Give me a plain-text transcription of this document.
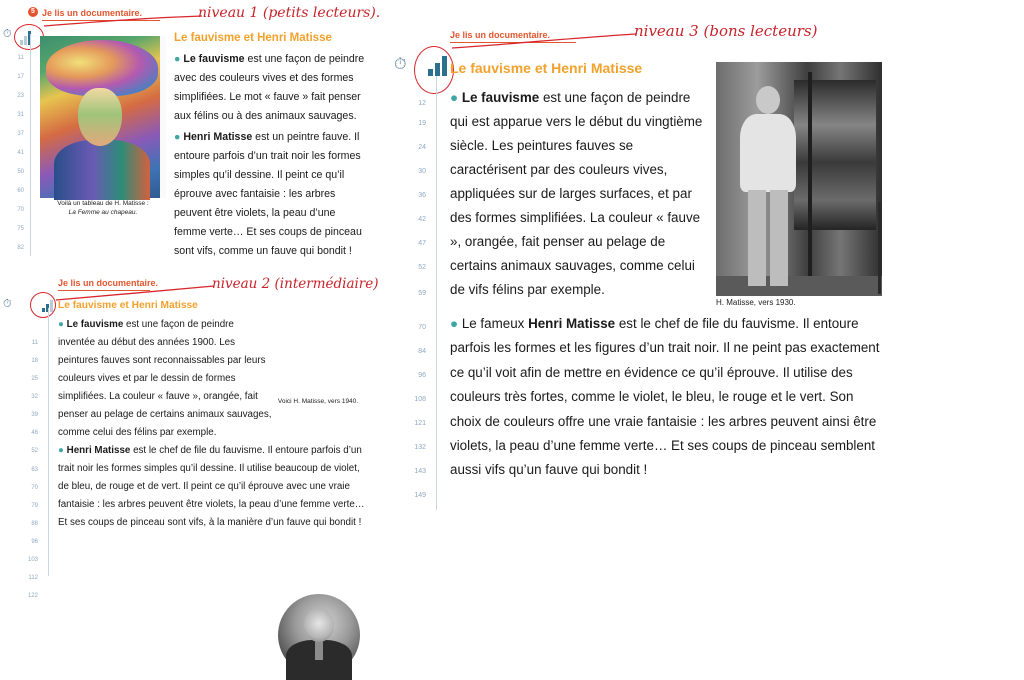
5 Je lis un documentaire.
⏱
niveau 1 (petits lecteurs).
Voilà un tableau de H. Matisse :
La Femme au chapeau.
11
17
23
31
37
41
50
60
70
75
82
Le fauvisme et Henri Matisse

● Le fauvisme est une façon de peindre avec des couleurs vives et des formes simplifiées. Le mot « fauve » fait penser aux félins ou à des animaux sauvages.

● Henri Matisse est un peintre fauve. Il entoure parfois d’un trait noir les formes simples qu’il dessine. Il peint ce qu’il éprouve avec fantaisie : les arbres peuvent être violets, la peau d’une femme verte… Et ses coups de pinceau sont vifs, comme un fauve qui bondit !

Je lis un documentaire.
⏱
niveau 2 (intermédiaire)
Le fauvisme et Henri Matisse
11
18
25
32
39
46
52
63
70
79
88
96
103
112
122
Voici H. Matisse, vers 1940.

● Le fauvisme est une façon de peindre inventée au début des années 1900. Les peintures fauves sont reconnaissables par leurs couleurs vives et par le dessin de formes simplifiées. La couleur « fauve », orangée, fait penser au pelage de certains animaux sauvages, comme celui des félins par exemple.

● Henri Matisse est le chef de file du fauvisme. Il entoure parfois d’un trait noir les formes simples qu’il dessine. Il utilise beaucoup de violet, de bleu, de rouge et de vert. Il peint ce qu’il éprouve avec une vraie fantaisie : les arbres peuvent être violets, la peau d’une femme verte… Et ses coups de pinceau sont vifs, à la manière d’un fauve qui bondit !

Je lis un documentaire.
⏱
niveau 3 (bons lecteurs)
Le fauvisme et Henri Matisse
12
19
24
30
36
42
47
52
59
70
84
96
108
121
132
143
149
H. Matisse, vers 1930.

● Le fauvisme est une façon de peindre qui est apparue vers le début du vingtième siècle. Les peintures fauves se caractérisent par des couleurs vives, appliquées sur de larges surfaces, et par des formes simplifiées. La couleur « fauve », orangée, fait penser au pelage de certains animaux sauvages, comme celui de vifs félins par exemple.

● Le fameux Henri Matisse est le chef de file du fauvisme. Il entoure parfois les formes et les figures d’un trait noir. Il ne peint pas exactement ce qu’il voit afin de mettre en évidence ce qu’il éprouve. Il utilise des couleurs très fortes, comme le violet, le bleu, le rouge et le vert. Son choix de couleurs offre une vraie fantaisie : les arbres peuvent ainsi être violets, la peau d’une femme verte… Et ses coups de pinceau semblent aussi vifs qu’un fauve qui bondit !
